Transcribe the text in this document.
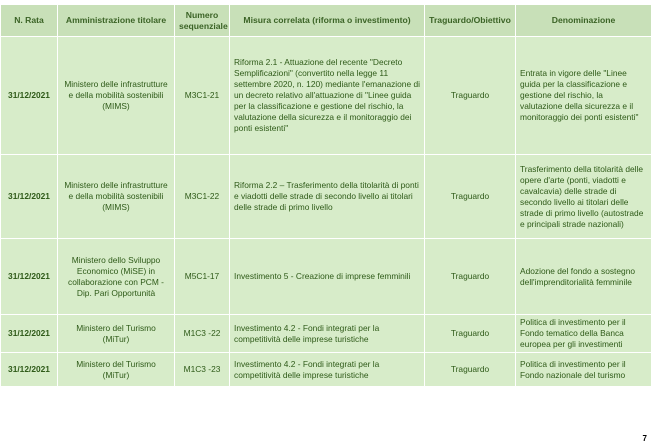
N. Rata	Amministrazione titolare	Numero sequenziale	Misura correlata (riforma o investimento)	Traguardo/Obiettivo	Denominazione
31/12/2021	Ministero delle infrastrutture e della mobilità sostenibili (MIMS)	M3C1-21	Riforma 2.1 - Attuazione del recente "Decreto Semplificazioni" (convertito nella legge 11 settembre 2020, n. 120) mediante l'emanazione di un decreto relativo all'attuazione di "Linee guida per la classificazione e gestione del rischio, la valutazione della sicurezza e il monitoraggio dei ponti esistenti"	Traguardo	Entrata in vigore delle "Linee guida per la classificazione e gestione del rischio, la valutazione della sicurezza e il monitoraggio dei ponti esistenti"
31/12/2021	Ministero delle infrastrutture e della mobilità sostenibili (MIMS)	M3C1-22	Riforma 2.2 – Trasferimento della titolarità di ponti e viadotti delle strade di secondo livello ai titolari delle strade di primo livello	Traguardo	Trasferimento della titolarità delle opere d'arte (ponti, viadotti e cavalcavia) delle strade di secondo livello ai titolari delle strade di primo livello (autostrade e principali strade nazionali)
31/12/2021	Ministero dello Sviluppo Economico (MiSE) in collaborazione con PCM - Dip. Pari Opportunità	M5C1-17	Investimento 5 - Creazione di imprese femminili	Traguardo	Adozione del fondo a sostegno dell'imprenditorialità femminile
31/12/2021	Ministero del Turismo (MiTur)	M1C3 -22	Investimento 4.2 - Fondi integrati per la competitività delle imprese turistiche	Traguardo	Politica di investimento per il Fondo tematico della Banca europea per gli investimenti
31/12/2021	Ministero del Turismo (MiTur)	M1C3 -23	Investimento 4.2 - Fondi integrati per la competitività delle imprese turistiche	Traguardo	Politica di investimento per il Fondo nazionale del turismo
7
